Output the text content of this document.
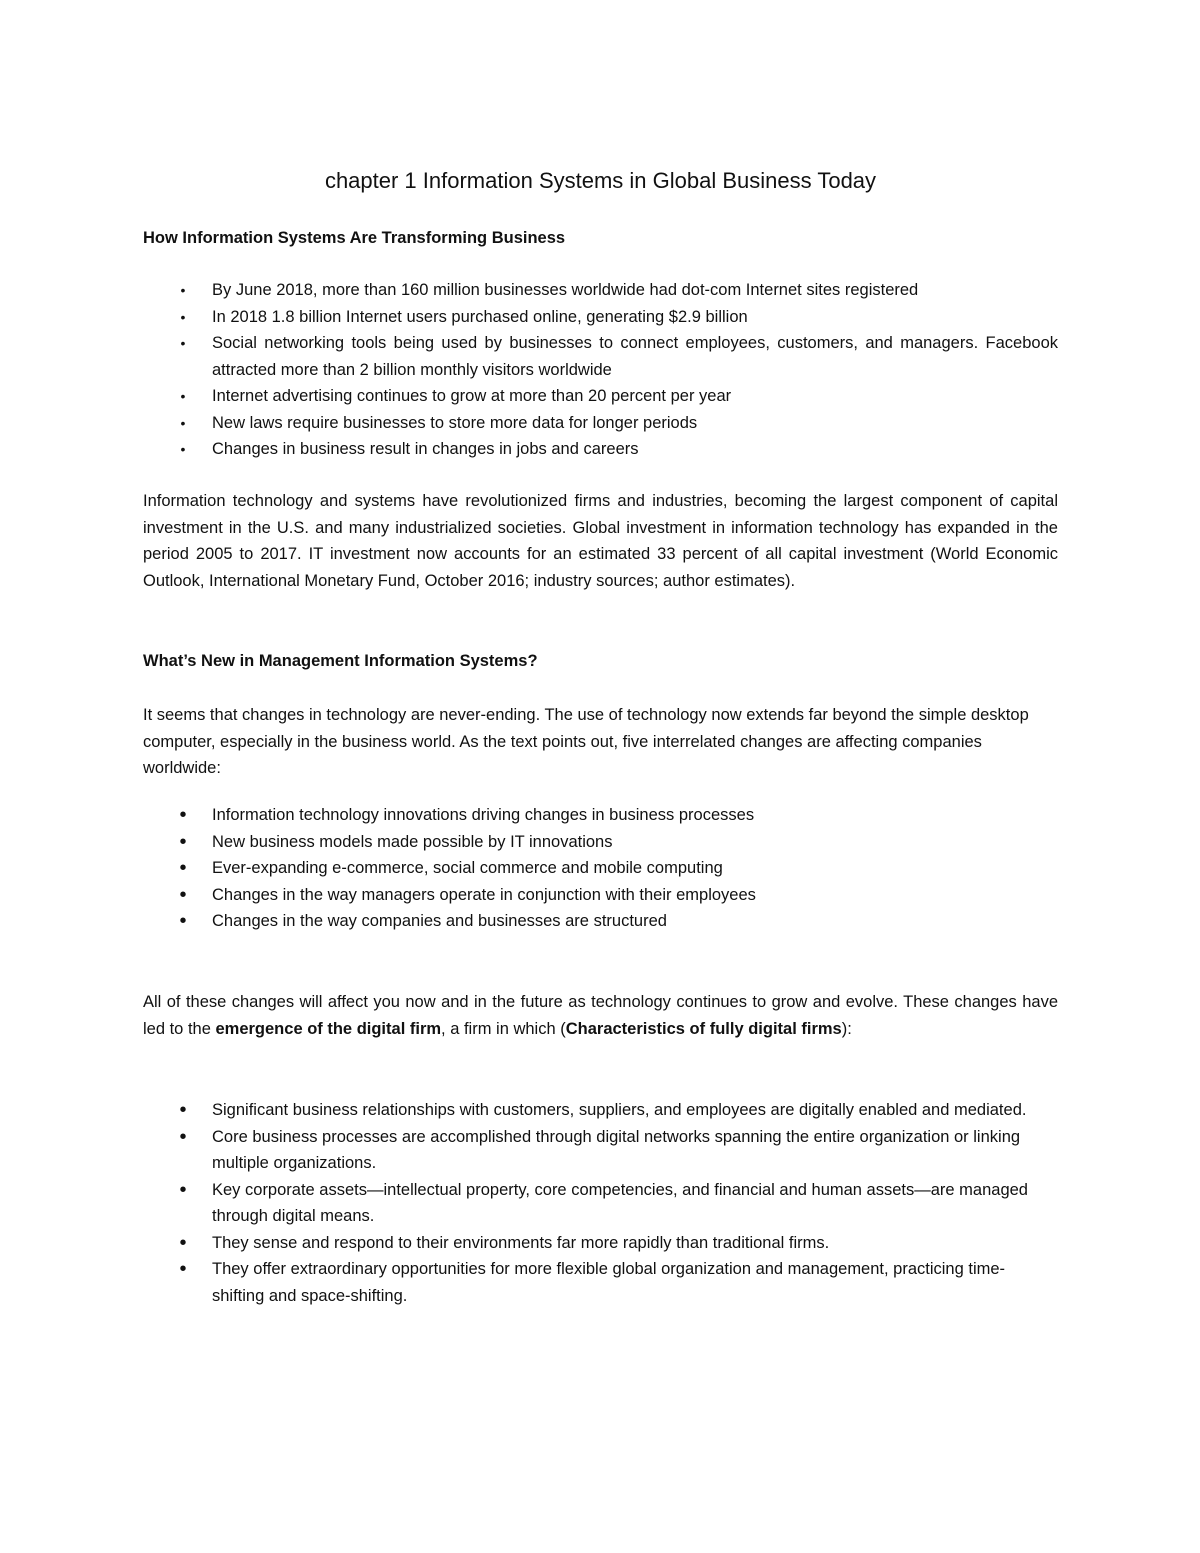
chapter 1 Information Systems in Global Business Today
How Information Systems Are Transforming Business
•	By June 2018, more than 160 million businesses worldwide had dot-com Internet sites registered
•	In 2018 1.8 billion Internet users purchased online, generating $2.9 billion
•	Social networking tools being used by businesses to connect employees, customers, and managers. Facebook attracted more than 2 billion monthly visitors worldwide
•	Internet advertising continues to grow at more than 20 percent per year
•	New laws require businesses to store more data for longer periods
•	Changes in business result in changes in jobs and careers

Information technology and systems have revolutionized firms and industries, becoming the largest component of capital investment in the U.S. and many industrialized societies. Global investment in information technology has expanded in the period 2005 to 2017. IT investment now accounts for an estimated 33 percent of all capital investment (World Economic Outlook, International Monetary Fund, October 2016; industry sources; author estimates).

What’s New in Management Information Systems?

It seems that changes in technology are never-ending. The use of technology now extends far beyond the simple desktop computer, especially in the business world. As the text points out, five interrelated changes are affecting companies worldwide:

• Information technology innovations driving changes in business processes
• New business models made possible by IT innovations
• Ever-expanding e-commerce, social commerce and mobile computing
• Changes in the way managers operate in conjunction with their employees
• Changes in the way companies and businesses are structured

All of these changes will affect you now and in the future as technology continues to grow and evolve. These changes have led to the emergence of the digital firm, a firm in which (Characteristics of fully digital firms):

• Significant business relationships with customers, suppliers, and employees are digitally enabled and mediated.
• Core business processes are accomplished through digital networks spanning the entire organization or linking multiple organizations.
• Key corporate assets—intellectual property, core competencies, and financial and human assets—are managed through digital means.
• They sense and respond to their environments far more rapidly than traditional firms.
• They offer extraordinary opportunities for more flexible global organization and management, practicing time-shifting and space-shifting.
